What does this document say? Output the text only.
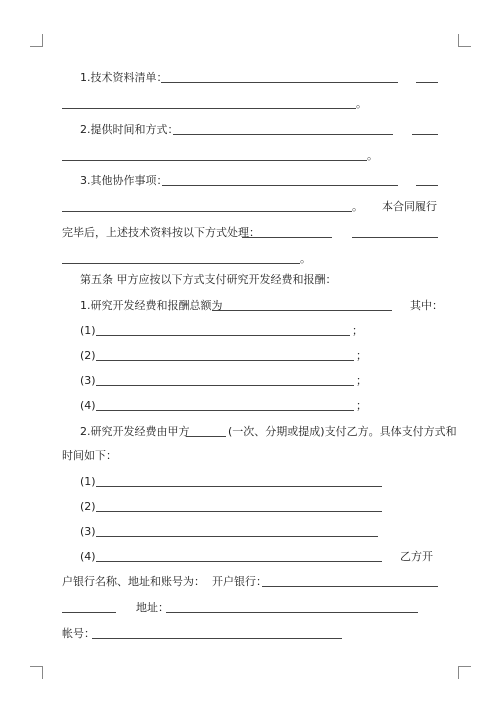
1.技术资料清单：
。
2.提供时间和方式：
。
3.其他协作事项：
。 本合同履行
完毕后，上述技术资料按以下方式处理：
。
第五条 甲方应按以下方式支付研究开发经费和报酬：
1.研究开发经费和报酬总额为	其中：
(1)	；
(2)	；
(3)	；
(4)	；
2.研究开发经费由甲方	(一次、分期或提成)支付乙方。具体支付方式和
时间如下：
(1)
(2)
(3)
(4)	乙方开
户银行名称、地址和账号为： 开户银行：
地址：
帐号：
